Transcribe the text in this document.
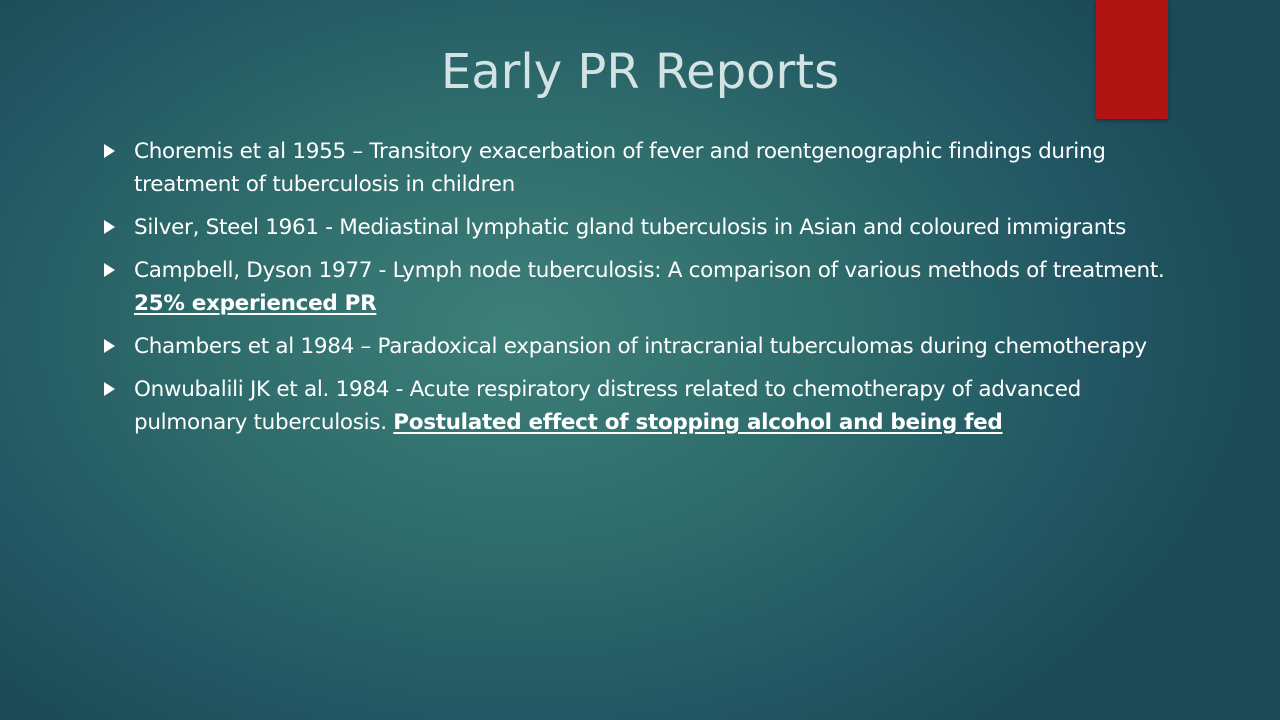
Early PR Reports
Choremis et al 1955 – Transitory exacerbation of fever and roentgenographic findings during treatment of tuberculosis in children
Silver, Steel 1961 - Mediastinal lymphatic gland tuberculosis in Asian and coloured immigrants
Campbell, Dyson 1977 - Lymph node tuberculosis: A comparison of various methods of treatment. 25% experienced PR
Chambers et al 1984 – Paradoxical expansion of intracranial tuberculomas during chemotherapy
Onwubalili JK et al. 1984 - Acute respiratory distress related to chemotherapy of advanced pulmonary tuberculosis. Postulated effect of stopping alcohol and being fed
